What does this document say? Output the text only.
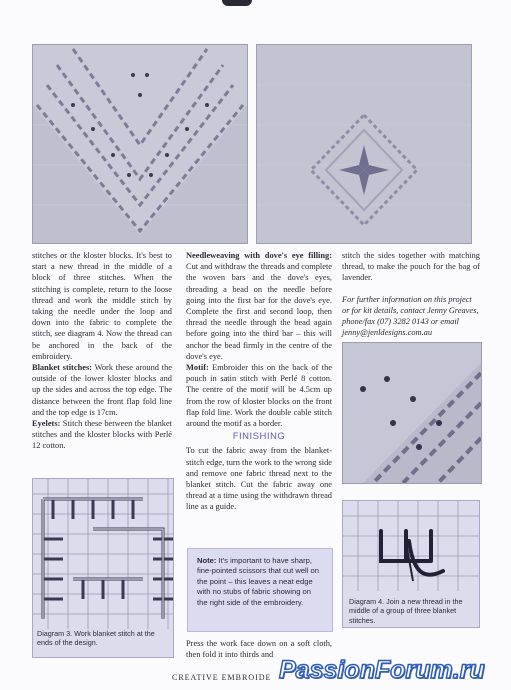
stitches or the kloster blocks. It's best to start a new thread in the middle of a block of three stitches. When the stitching is complete, return to the loose thread and work the middle stitch by taking the needle under the loop and down into the fabric to complete the stitch, see diagram 4. Now the thread can be anchored in the back of the embroidery.

Blanket stitches: Work these around the outside of the lower kloster blocks and up the sides and across the top edge. The distance between the front flap fold line and the top edge is 17cm.

Eyelets: Stitch these between the blanket stitches and the kloster blocks with Perlé 12 cotton.

Needleweaving with dove's eye filling: Cut and withdraw the threads and complete the woven bars and the dove's eyes, threading a bead on the needle before going into the first bar for the dove's eye. Complete the first and second loop, then thread the needle through the bead again before going into the third bar – this will anchor the bead firmly in the centre of the dove's eye.

Motif: Embroider this on the back of the pouch in satin stitch with Perlé 8 cotton. The centre of the motif will be 4.5cm up from the row of kloster blocks on the front flap fold line. Work the double cable stitch around the motif as a border.

FINISHING

To cut the fabric away from the blanket-stitch edge, turn the work to the wrong side and remove one fabric thread next to the blanket stitch. Cut the fabric away one thread at a time using the withdrawn thread line as a guide.

Note: It's important to have sharp, fine-pointed scissors that cut well on the point – this leaves a neat edge with no stubs of fabric showing on the right side of the embroidery.

Press the work face down on a soft cloth, then fold it into thirds and

stitch the sides together with matching thread, to make the pouch for the bag of lavender.

For further information on this project or for kit details, contact Jenny Greaves, phone/fax (07) 3282 0143 or email jenny@jenldesigns.com.au

Diagram 3. Work blanket stitch at the ends of the design.
Diagram 4. Join a new thread in the middle of a group of three blanket stitches.
CREATIVE EMBROIDE PassionForum.ru
